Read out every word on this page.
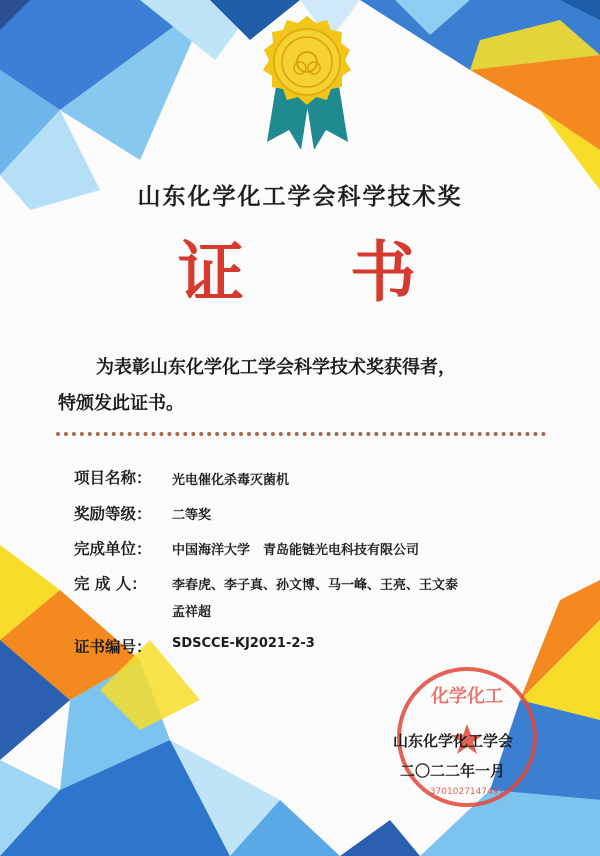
山东化学化工学会科学技术奖
证 书
为表彰山东化学化工学会科学技术奖获得者，
特颁发此证书。
项目名称： 光电催化杀毒灭菌机
奖励等级： 二等奖
完成单位： 中国海洋大学　青岛能链光电科技有限公司
完 成 人： 李春虎、李子真、孙文博、马一峰、王亮、王文泰
孟祥超
证书编号： SDSCCE-KJ2021-2-3
化学化工
3701027147491
山东化学化工学会
二〇二二年一月
